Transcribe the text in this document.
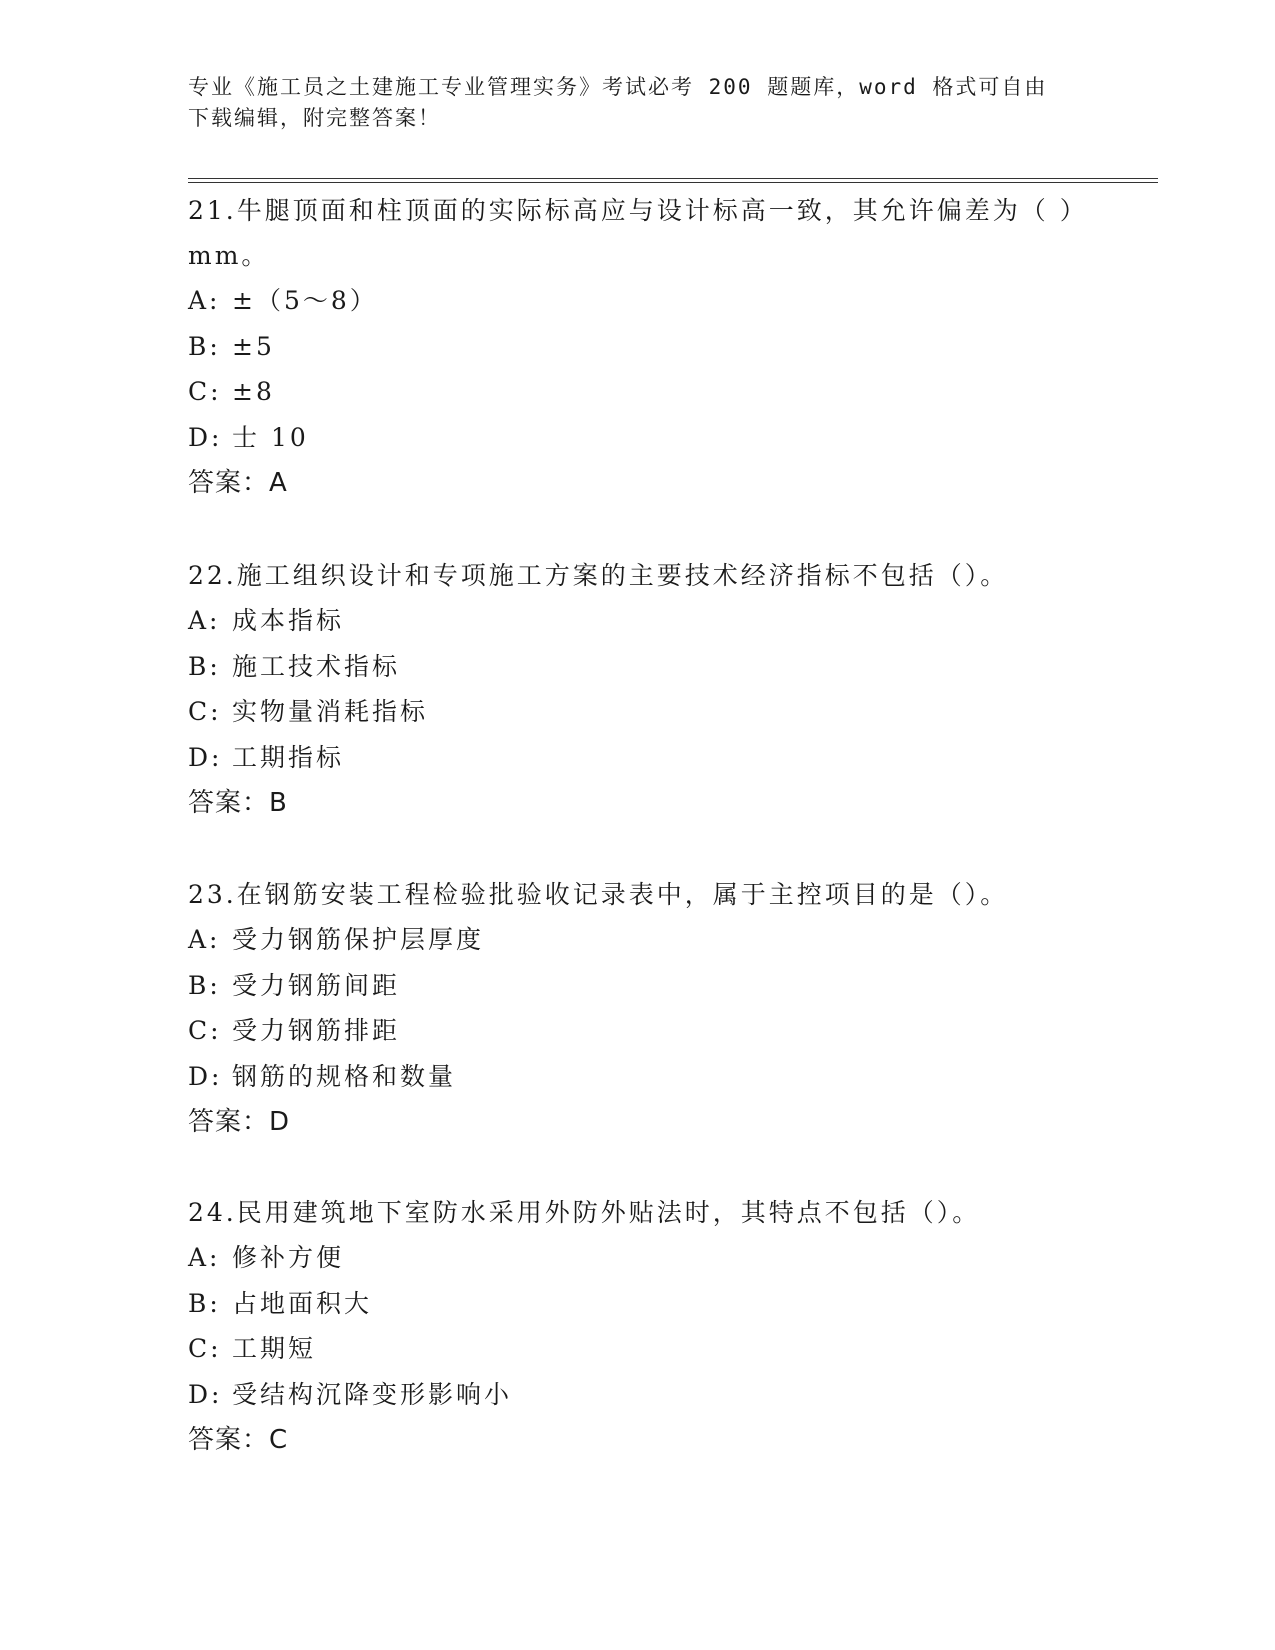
专业《施工员之土建施工专业管理实务》考试必考 200 题题库，word 格式可自由下载编辑，附完整答案！

21.牛腿顶面和柱顶面的实际标高应与设计标高一致，其允许偏差为（ ）mm。

A: ±（5～8）
B: ±5
C: ±8
D: 士 10
答案：A

22.施工组织设计和专项施工方案的主要技术经济指标不包括（）。

A: 成本指标
B: 施工技术指标
C: 实物量消耗指标
D: 工期指标
答案：B

23.在钢筋安装工程检验批验收记录表中，属于主控项目的是（）。

A: 受力钢筋保护层厚度
B: 受力钢筋间距
C: 受力钢筋排距
D: 钢筋的规格和数量
答案：D

24.民用建筑地下室防水采用外防外贴法时，其特点不包括（）。

A: 修补方便
B: 占地面积大
C: 工期短
D: 受结构沉降变形影响小
答案：C
